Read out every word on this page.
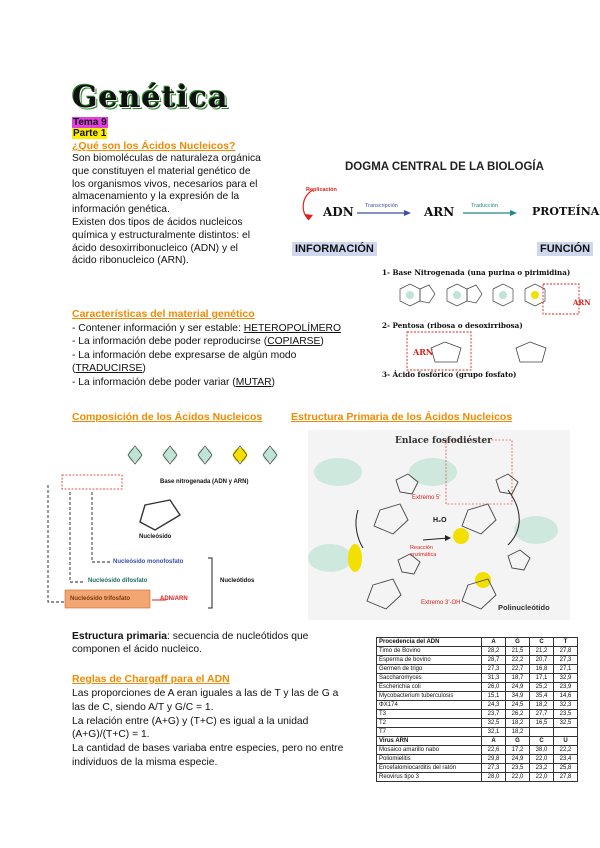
Genética
Tema 9
Parte 1
¿Qué son los Ácidos Nucleicos?
Son biomoléculas de naturaleza orgánica
que constituyen el material genético de
los organismos vivos, necesarios para el
almacenamiento y la expresión de la
información genética.
Existen dos tipos de ácidos nucleicos
química y estructuralmente distintos: el
ácido desoxirribonucleico (ADN) y el
ácido ribonucleico (ARN).
DOGMA CENTRAL DE LA BIOLOGÍA
Replicación
ADN Transcripción ARN	Traducción	PROTEÍNA
INFORMACIÓN	FUNCIÓN
1- Base Nitrogenada (una purina o pirimidina)
ARN
2- Pentosa (ribosa o desoxirribosa)
ARN
3- Ácido fosfórico (grupo fosfato)
Características del material genético
- Contener información y ser estable: HETEROPOLÍMERO
- La información debe poder reproducirse (COPIARSE)
- La información debe expresarse de algún modo
(TRADUCIRSE)
- La información debe poder variar (MUTAR)
Composición de los Ácidos Nucleicos
Base nitrogenada (ADN y ARN)
Nucleósido
Nucleósido monofosfato
Nucleósido difosfato
Nucleósido trifosfato
Nucleótidos
ADN/ARN
Estructura Primaria de los Ácidos Nucleicos
Enlace fosfodiéster
Extremo 5'
H₂O
Reacción enzimática
Extremo 3'-OH	Polinucleótido
Estructura primaria: secuencia de nucleótidos que
componen el ácido nucleico.
Reglas de Chargaff para el ADN
Las proporciones de A eran iguales a las de T y las de G a
las de C, siendo A/T y G/C = 1.
La relación entre (A+G) y (T+C) es igual a la unidad
(A+G)/(T+C) = 1.
La cantidad de bases variaba entre especies, pero no entre
individuos de la misma especie.
Procedencia del ADN	A	G	C	T
Timo de Bovino	28,2	21,5	21,2	27,8
Esperma de bovino	28,7	22,2	20,7	27,3
Germen de trigo	27,3	22,7	16,8	27,1
Saccharomyces	31,3	18,7	17,1	32,9
Escherichia coli	26,0	24,9	25,2	23,9
Mycobacterium tuberculosis	15,1	34,9	35,4	14,6
ΦX174	24,3	24,5	18,2	32,3
T3	23,7	26,2	27,7	23,5
T2	32,5	18,2	16,5	32,5
T7	32,1	18,2		
Virus ARN	A	G	C	U
Mosaico amarillo nabo	22,6	17,2	38,0	22,2
Poliomielitis	29,8	24,9	22,0	23,4
Encefalomiocarditis del ratón	27,3	23,5	23,2	25,8
Reovirus tipo 3	28,0	22,0	22,0	27,8
